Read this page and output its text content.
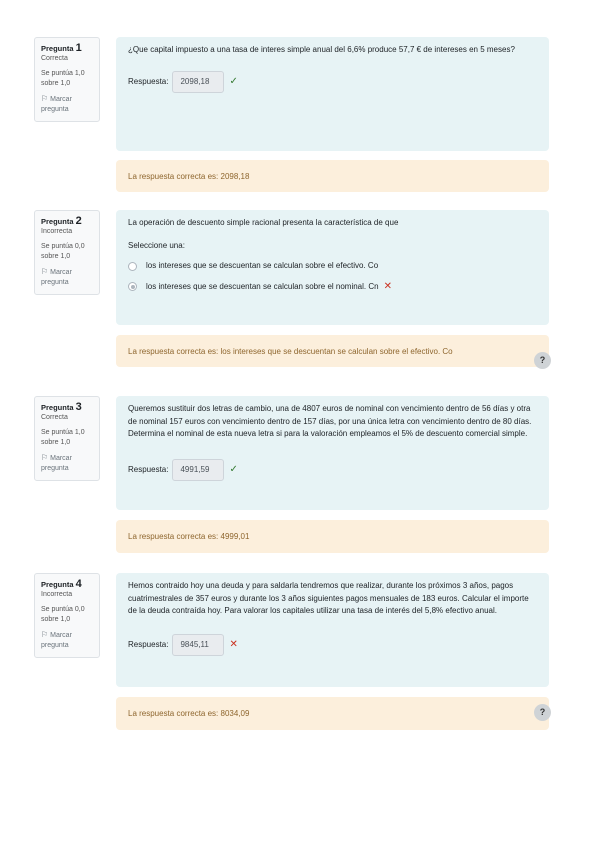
Pregunta 1
Correcta
Se puntúa 1,0 sobre 1,0
⚐ Marcar pregunta
¿Que capital impuesto a una tasa de interes simple anual del 6,6% produce 57,7 € de intereses en 5 meses?
Respuesta:	2098,18	✓
La respuesta correcta es: 2098,18
Pregunta 2
Incorrecta
Se puntúa 0,0 sobre 1,0
⚐ Marcar pregunta
La operación de descuento simple racional presenta la característica de que
Seleccione una:
los intereses que se descuentan se calculan sobre el efectivo. Co
los intereses que se descuentan se calculan sobre el nominal. Cn ✕
La respuesta correcta es: los intereses que se descuentan se calculan sobre el efectivo. Co
?
Pregunta 3
Correcta
Se puntúa 1,0 sobre 1,0
⚐ Marcar pregunta
Queremos sustituir dos letras de cambio, una de 4807 euros de nominal con vencimiento dentro de 56 días y otra de nominal 157 euros con vencimiento dentro de 157 días, por una única letra con vencimiento dentro de 80 días. Determina el nominal de esta nueva letra si para la valoración empleamos el 5% de descuento comercial simple.
Respuesta:	4991,59	✓
La respuesta correcta es: 4999,01
Pregunta 4
Incorrecta
Se puntúa 0,0 sobre 1,0
⚐ Marcar pregunta
Hemos contraido hoy una deuda y para saldarla tendremos que realizar, durante los próximos 3 años, pagos cuatrimestrales de 357 euros y durante los 3 años siguientes pagos mensuales de 183 euros. Calcular el importe de la deuda contraída hoy. Para valorar los capitales utilizar una tasa de interés del 5,8% efectivo anual.
Respuesta:	9845,11	✕
La respuesta correcta es: 8034,09	?
